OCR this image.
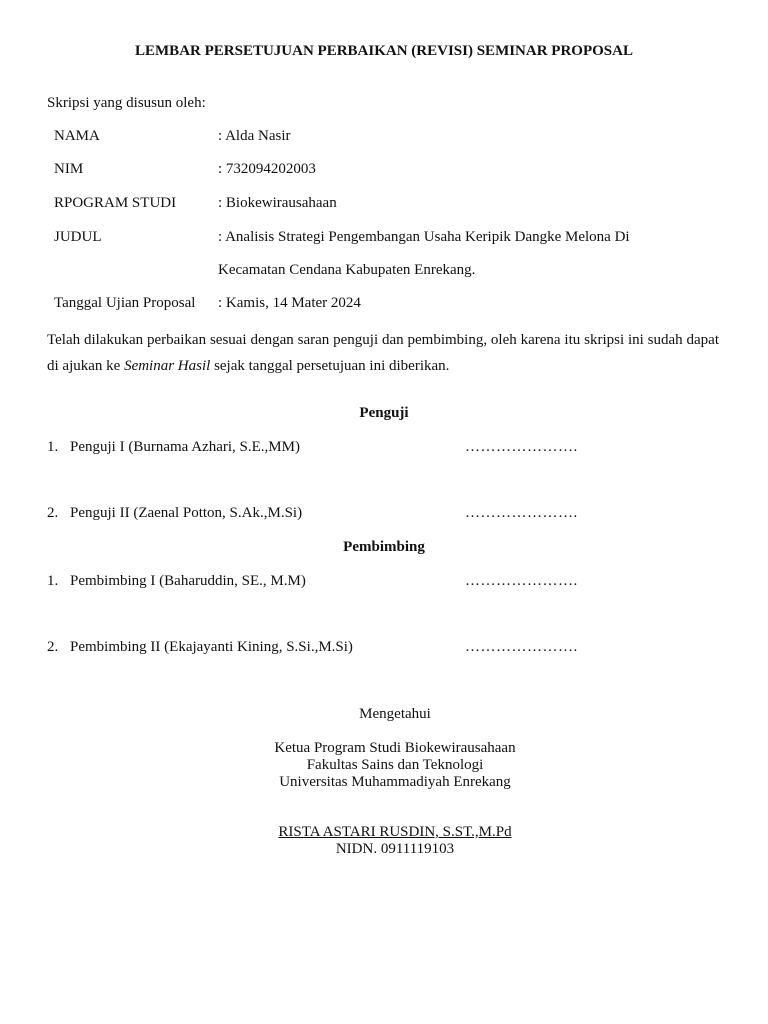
LEMBAR PERSETUJUAN PERBAIKAN (REVISI) SEMINAR PROPOSAL
Skripsi yang disusun oleh:
NAMA	: Alda Nasir
NIM	: 732094202003
RPOGRAM STUDI	: Biokewirausahaan
JUDUL	: Analisis Strategi Pengembangan Usaha Keripik Dangke Melona Di
Kecamatan Cendana Kabupaten Enrekang.
Tanggal Ujian Proposal : Kamis, 14 Mater 2024
Telah dilakukan perbaikan sesuai dengan saran penguji dan pembimbing, oleh karena itu skripsi ini sudah dapat di ajukan ke Seminar Hasil sejak tanggal persetujuan ini diberikan.
Penguji
1. Penguji I (Burnama Azhari, S.E.,MM)	………………….
2. Penguji II (Zaenal Potton, S.Ak.,M.Si)	………………….
Pembimbing
1. Pembimbing I (Baharuddin, SE., M.M)	………………….
2. Pembimbing II (Ekajayanti Kining, S.Si.,M.Si)	………………….
Mengetahui
Ketua Program Studi Biokewirausahaan
Fakultas Sains dan Teknologi
Universitas Muhammadiyah Enrekang
RISTA ASTARI RUSDIN, S.ST.,M.Pd
NIDN. 0911119103
